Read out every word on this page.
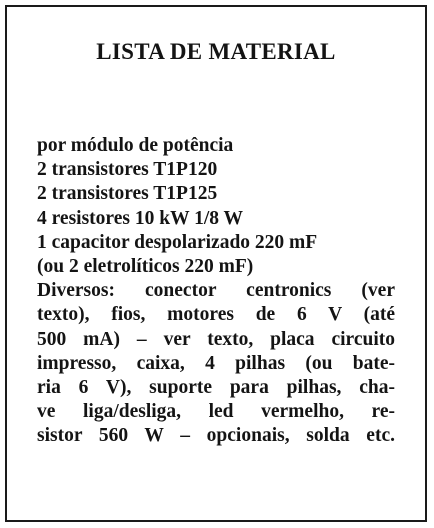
LISTA DE MATERIAL
por módulo de potência
2 transistores T1P120
2 transistores T1P125
4 resistores 10 kW 1/8 W
1 capacitor despolarizado 220 mF
(ou 2 eletrolíticos 220 mF)
Diversos: conector centronics (ver
texto), fios, motores de 6 V (até
500 mA) – ver texto, placa circuito
impresso, caixa, 4 pilhas (ou bate-
ria 6 V), suporte para pilhas, cha-
ve liga/desliga, led vermelho, re-
sistor 560 W – opcionais, solda etc.
